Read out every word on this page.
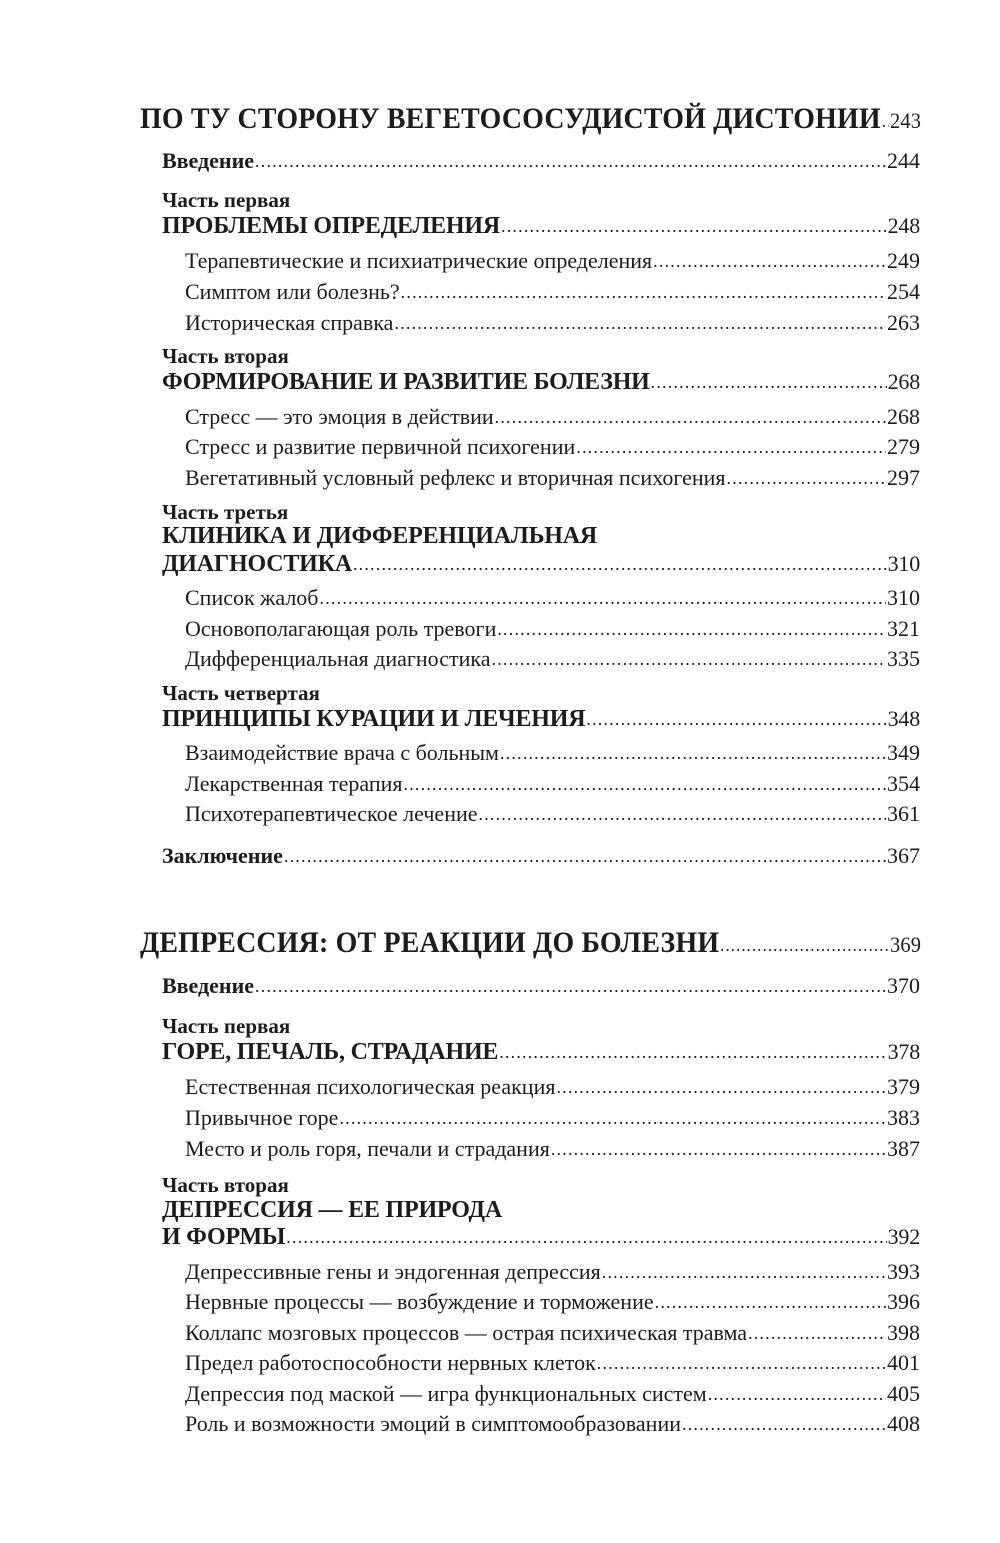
ПО ТУ СТОРОНУ ВЕГЕТОСОСУДИСТОЙ ДИСТОНИИ ..... 243
Введение .....	244
Часть первая
ПРОБЛЕМЫ ОПРЕДЕЛЕНИЯ .....	248
Терапевтические и психиатрические определения .....	249
Симптом или болезнь? .....	254
Историческая справка .....	263
Часть вторая
ФОРМИРОВАНИЕ И РАЗВИТИЕ БОЛЕЗНИ .....	268
Стресс — это эмоция в действии .....	268
Стресс и развитие первичной психогении .....	279
Вегетативный условный рефлекс и вторичная психогения .....	297
Часть третья
КЛИНИКА И ДИФФЕРЕНЦИАЛЬНАЯ
ДИАГНОСТИКА .....	310
Список жалоб .....	310
Основополагающая роль тревоги .....	321
Дифференциальная диагностика .....	335
Часть четвертая
ПРИНЦИПЫ КУРАЦИИ И ЛЕЧЕНИЯ .....	348
Взаимодействие врача с больным .....	349
Лекарственная терапия .....	354
Психотерапевтическое лечение .....	361
Заключение .....	367
ДЕПРЕССИЯ: ОТ РЕАКЦИИ ДО БОЛЕЗНИ .....	369
Введение .....	370
Часть первая
ГОРЕ, ПЕЧАЛЬ, СТРАДАНИЕ .....	378
Естественная психологическая реакция .....	379
Привычное горе .....	383
Место и роль горя, печали и страдания .....	387
Часть вторая
ДЕПРЕССИЯ — ЕЕ ПРИРОДА
И ФОРМЫ .....	392
Депрессивные гены и эндогенная депрессия .....	393
Нервные процессы — возбуждение и торможение .....	396
Коллапс мозговых процессов — острая психическая травма .....	398
Предел работоспособности нервных клеток .....	401
Депрессия под маской — игра функциональных систем .....	405
Роль и возможности эмоций в симптомообразовании .....	408
